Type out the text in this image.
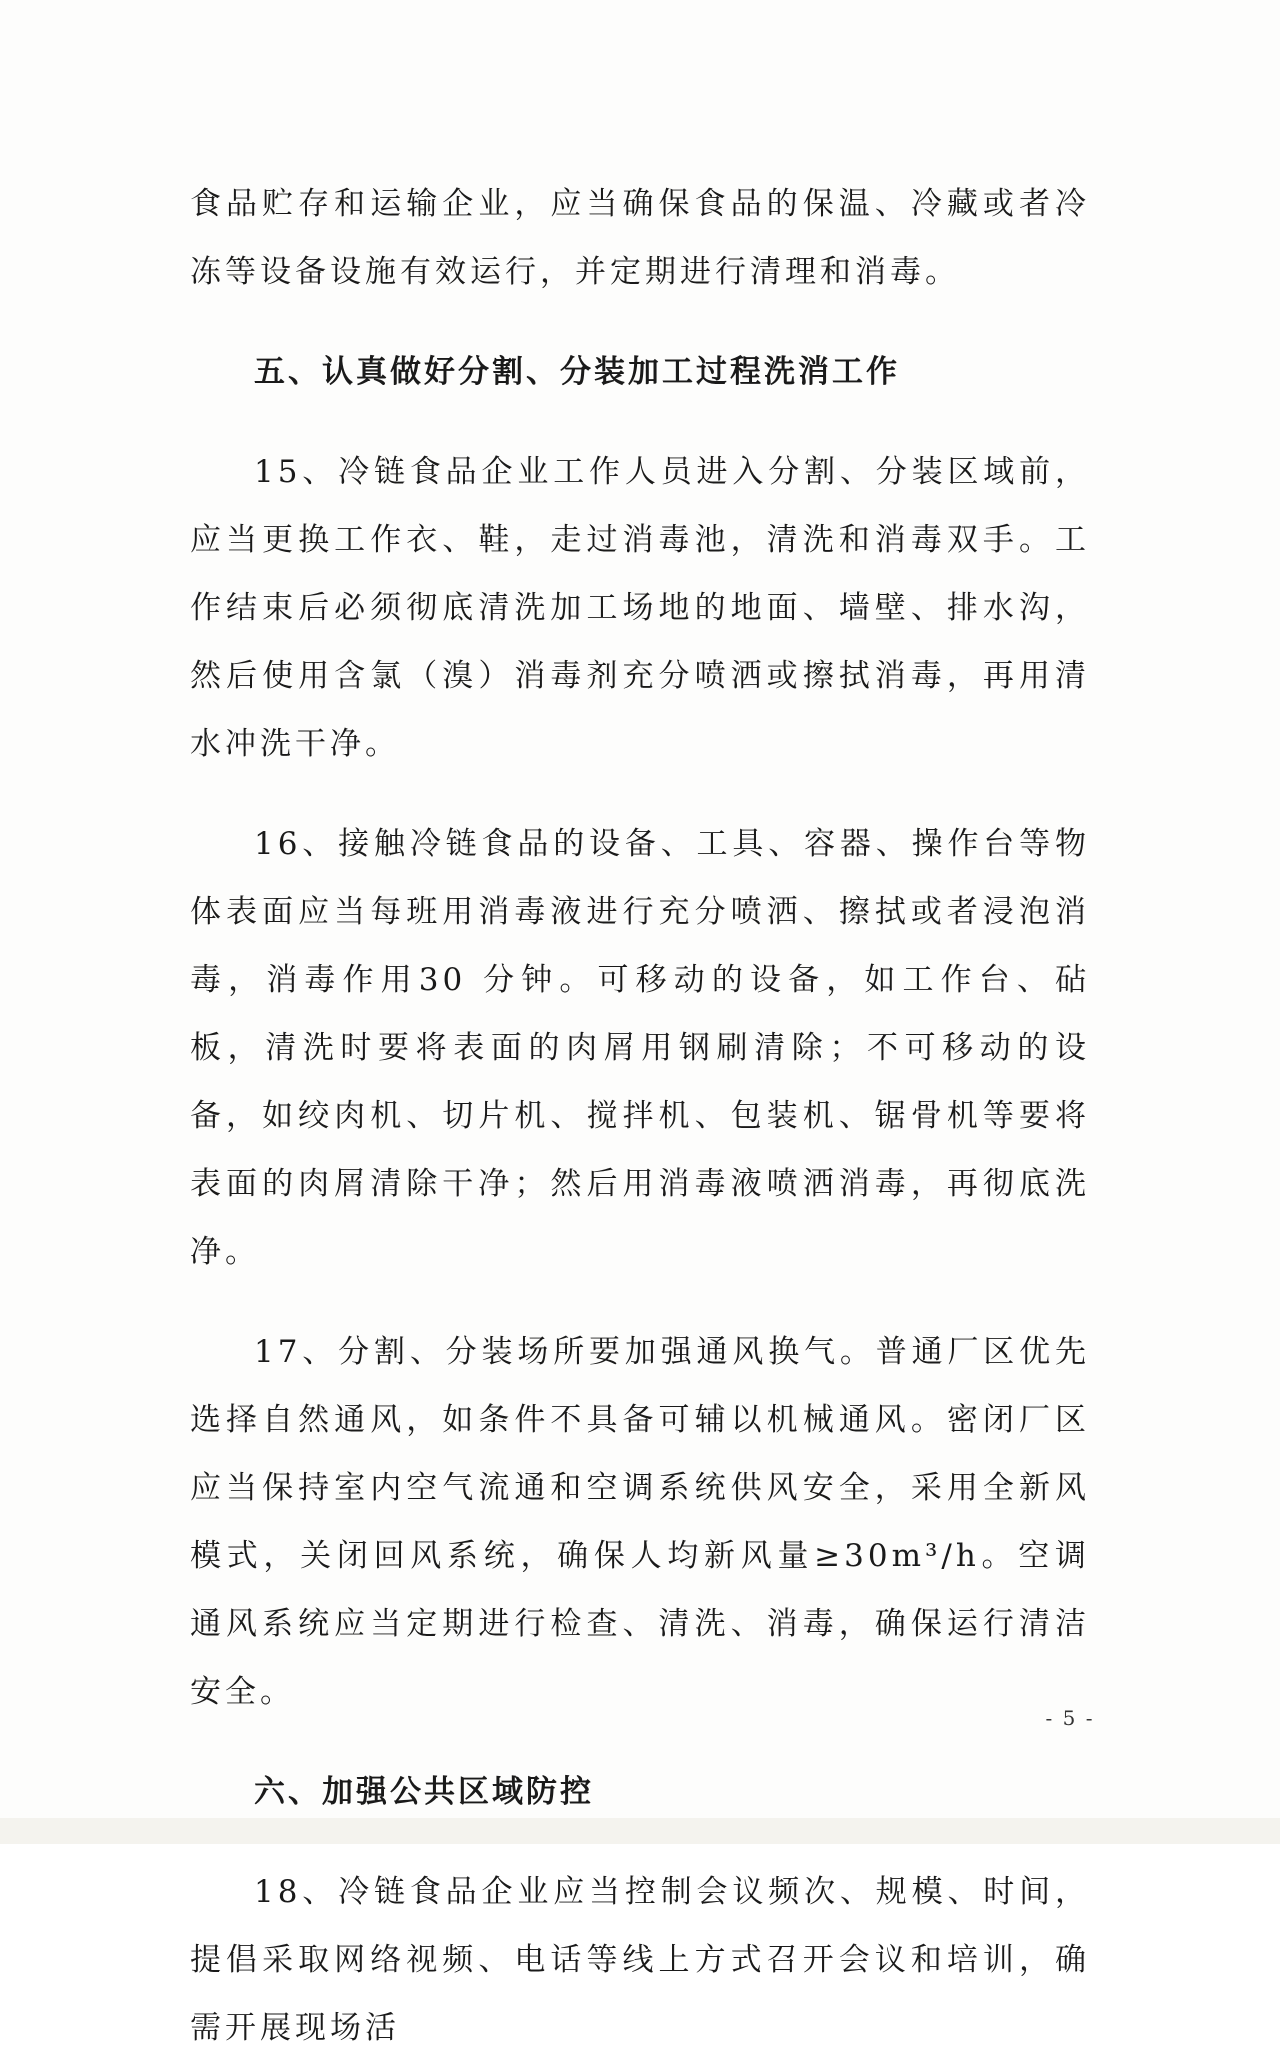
食品贮存和运输企业，应当确保食品的保温、冷藏或者冷冻等设备设施有效运行，并定期进行清理和消毒。

五、认真做好分割、分装加工过程洗消工作

15、冷链食品企业工作人员进入分割、分装区域前，应当更换工作衣、鞋，走过消毒池，清洗和消毒双手。工作结束后必须彻底清洗加工场地的地面、墙壁、排水沟，然后使用含氯（溴）消毒剂充分喷洒或擦拭消毒，再用清水冲洗干净。

16、接触冷链食品的设备、工具、容器、操作台等物体表面应当每班用消毒液进行充分喷洒、擦拭或者浸泡消毒，消毒作用30 分钟。可移动的设备，如工作台、砧板，清洗时要将表面的肉屑用钢刷清除；不可移动的设备，如绞肉机、切片机、搅拌机、包装机、锯骨机等要将表面的肉屑清除干净；然后用消毒液喷洒消毒，再彻底洗净。

17、分割、分装场所要加强通风换气。普通厂区优先选择自然通风，如条件不具备可辅以机械通风。密闭厂区应当保持室内空气流通和空调系统供风安全，采用全新风模式，关闭回风系统，确保人均新风量≥30m³/h。空调通风系统应当定期进行检查、清洗、消毒，确保运行清洁安全。

六、加强公共区域防控

18、冷链食品企业应当控制会议频次、规模、时间，提倡采取网络视频、电话等线上方式召开会议和培训，确需开展现场活

- 5 -
